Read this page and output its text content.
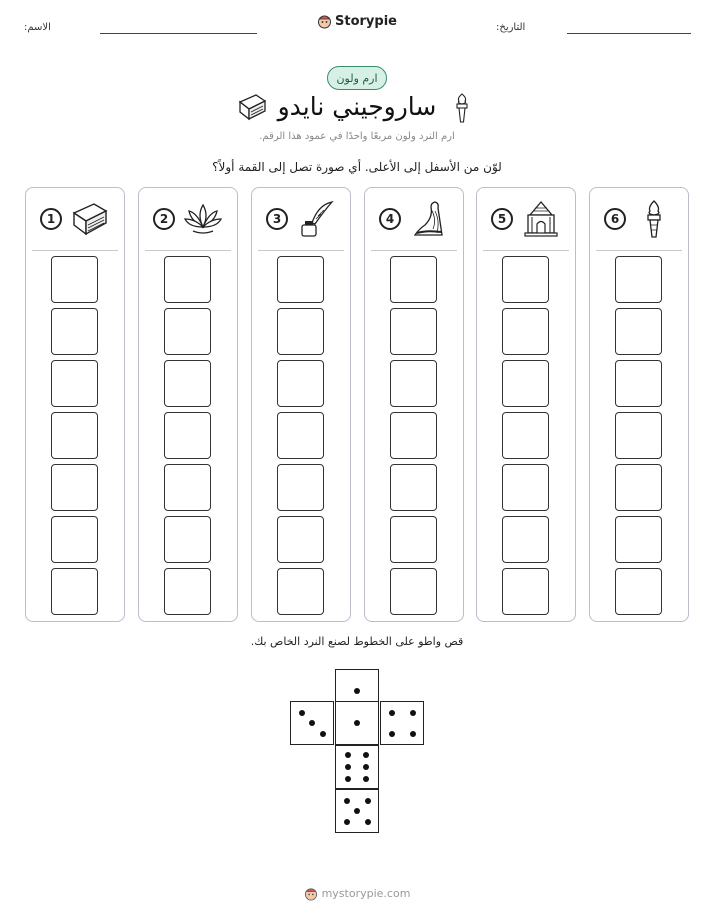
الاسم:	Storypie	التاريخ:
ارم ولون
ساروجيني نايدو
ارم النرد ولون مربعًا واحدًا في عمود هذا الرقم.
لوّن من الأسفل إلى الأعلى. أي صورة تصل إلى القمة أولاً؟
1	2	3	4	5	6
قص واطو على الخطوط لصنع النرد الخاص بك.
mystorypie.com
